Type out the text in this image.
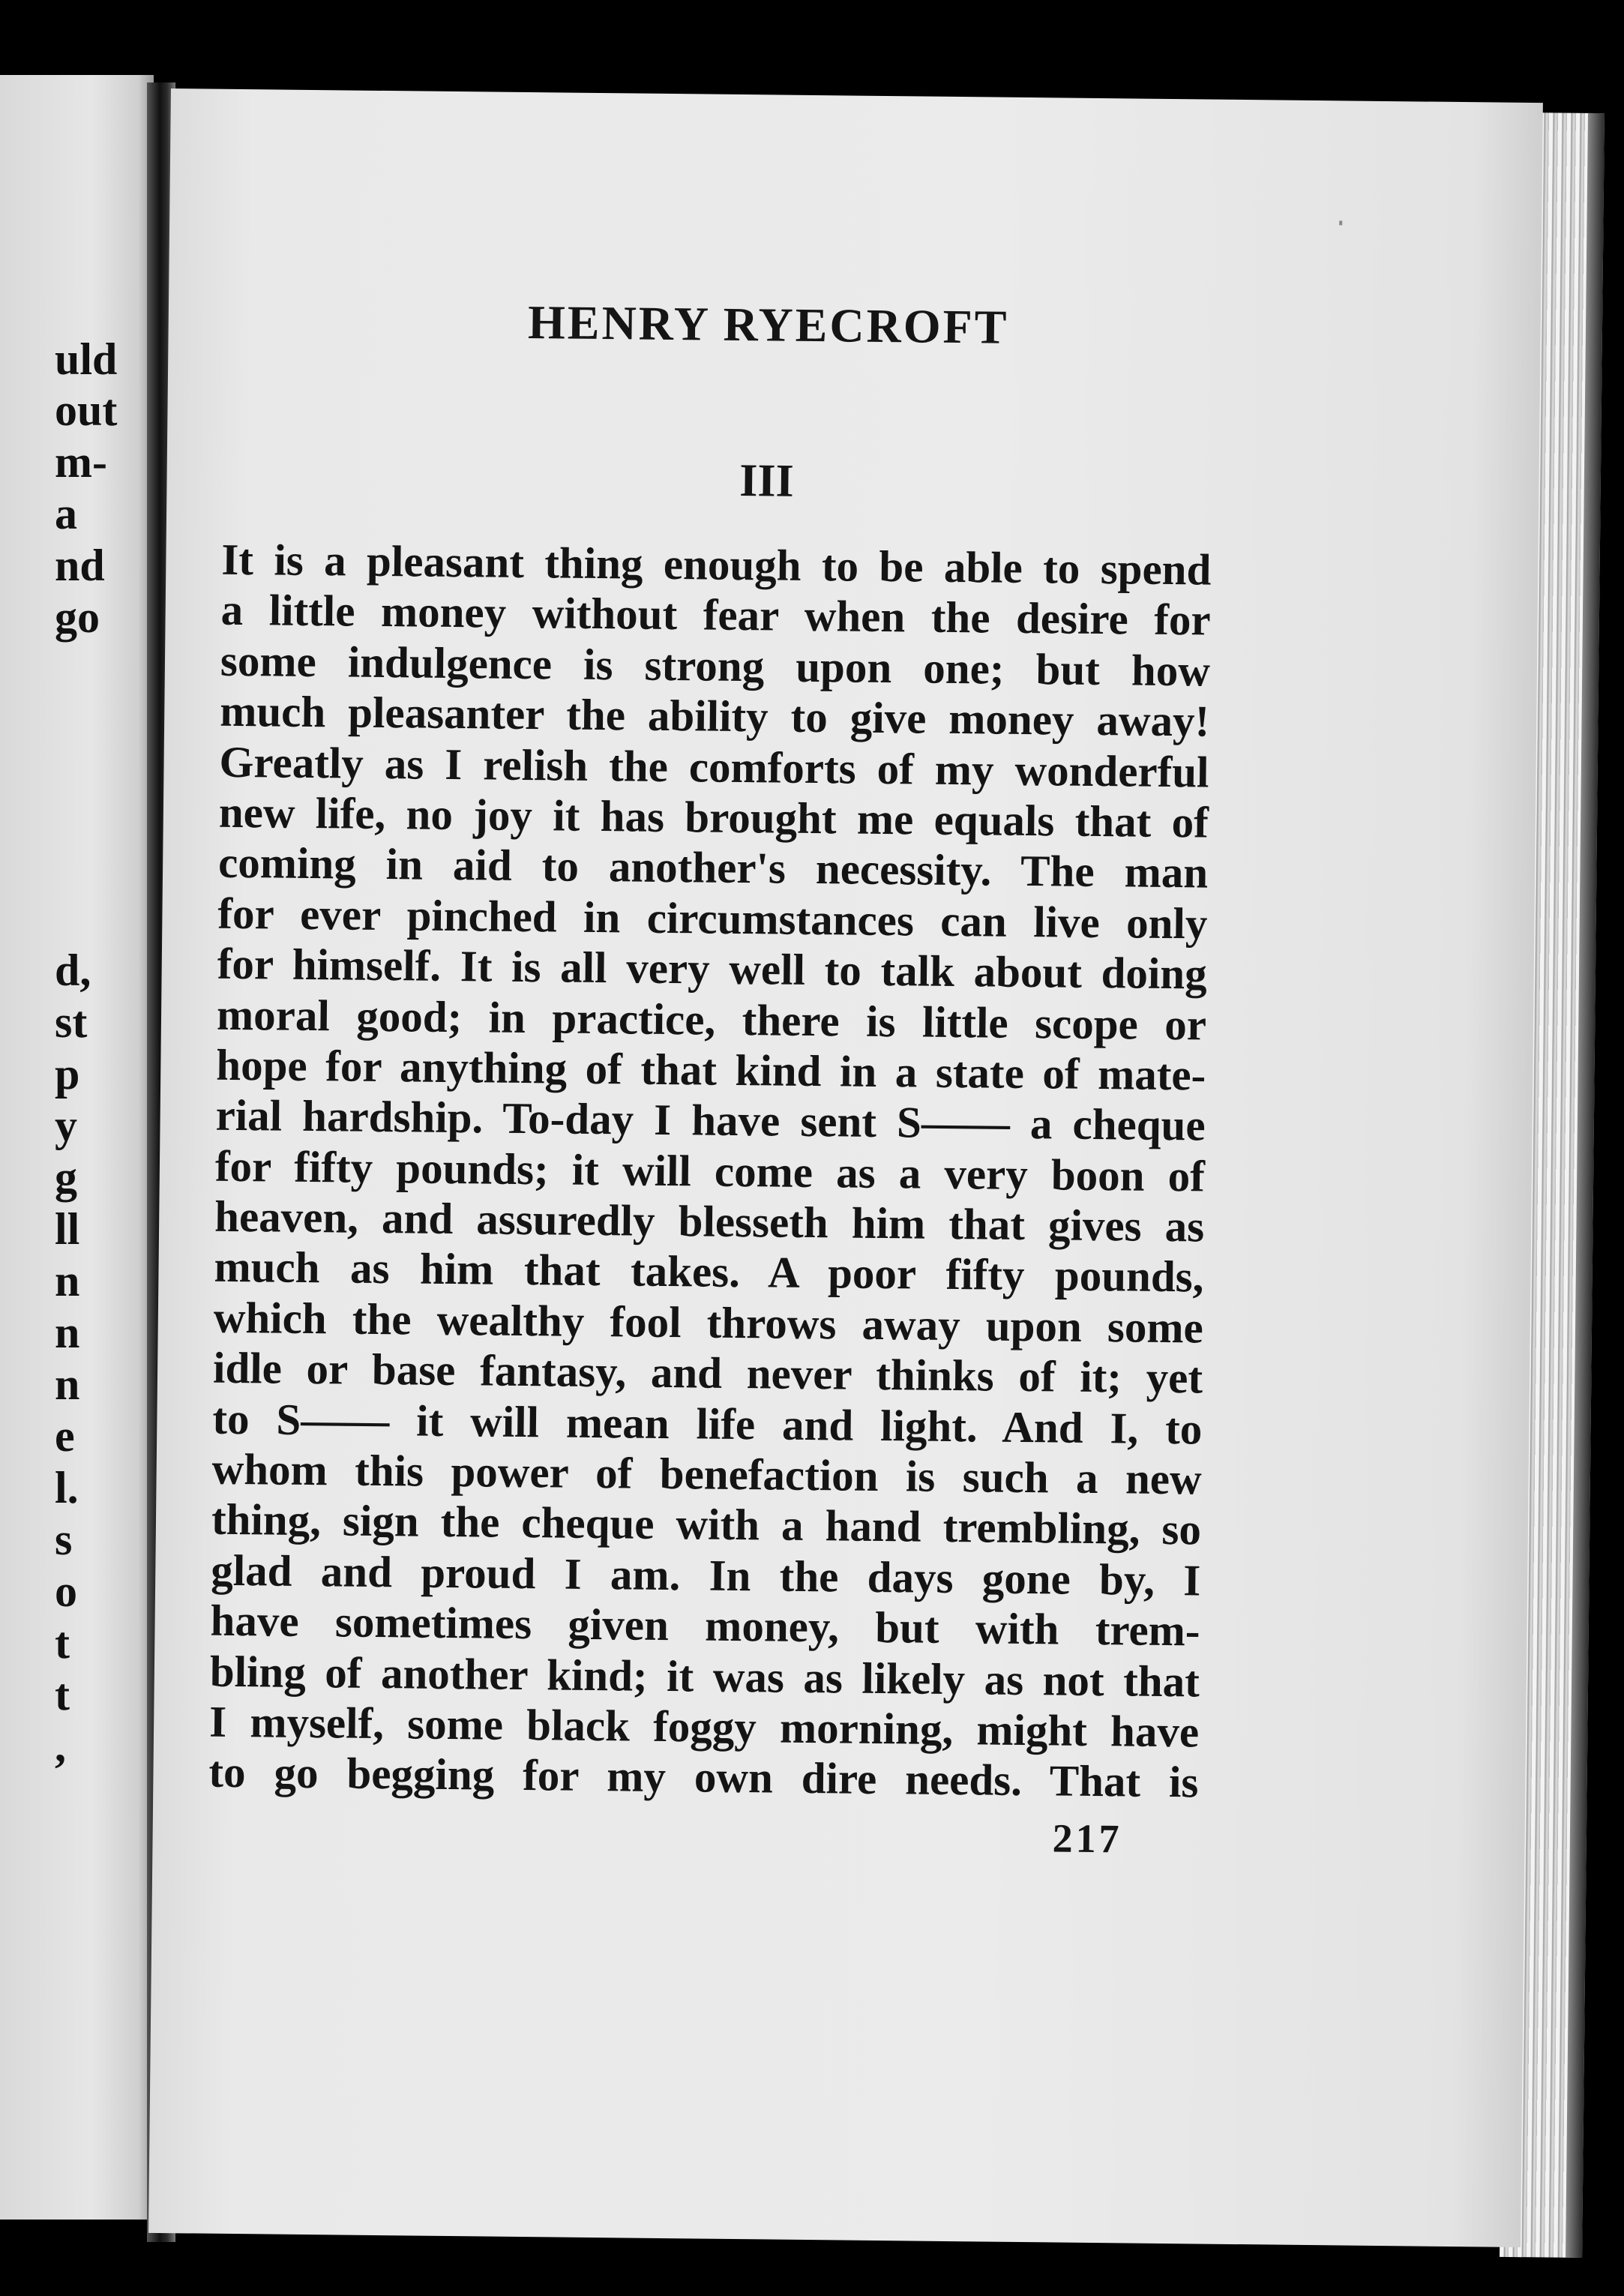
uld
out
m-
a
nd
go
d,
st
p
y
g
ll
n
n
n
e
l.
s
o
t
t
,
HENRY RYECROFT
III
It is a pleasant thing enough to be able to spend
a little money without fear when the desire for
some indulgence is strong upon one; but how
much pleasanter the ability to give money away!
Greatly as I relish the comforts of my wonderful
new life, no joy it has brought me equals that of
coming in aid to another's necessity. The man
for ever pinched in circumstances can live only
for himself. It is all very well to talk about doing
moral good; in practice, there is little scope or
hope for anything of that kind in a state of mate-
rial hardship. To-day I have sent S—— a cheque
for fifty pounds; it will come as a very boon of
heaven, and assuredly blesseth him that gives as
much as him that takes. A poor fifty pounds,
which the wealthy fool throws away upon some
idle or base fantasy, and never thinks of it; yet
to S—— it will mean life and light. And I, to
whom this power of benefaction is such a new
thing, sign the cheque with a hand trembling, so
glad and proud I am. In the days gone by, I
have sometimes given money, but with trem-
bling of another kind; it was as likely as not that
I myself, some black foggy morning, might have
to go begging for my own dire needs. That is
217
